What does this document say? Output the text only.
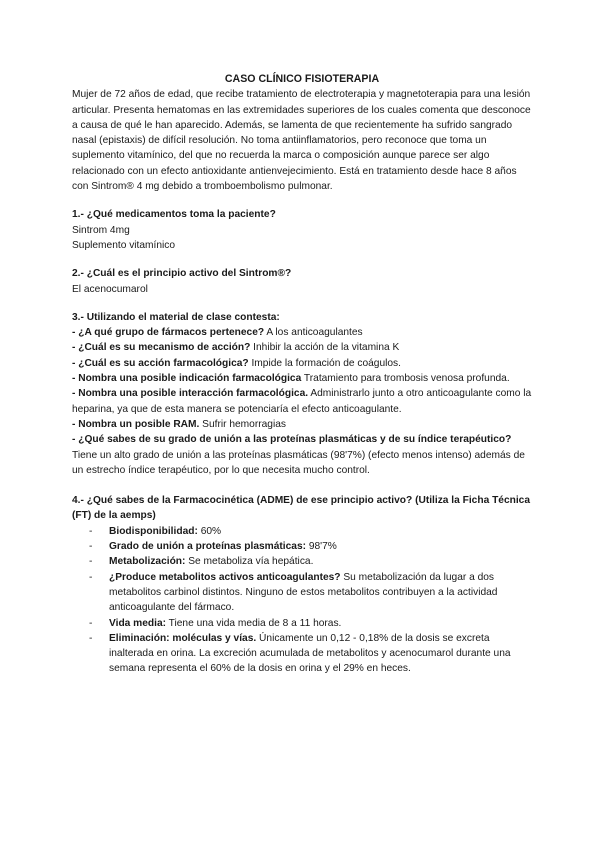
CASO CLÍNICO FISIOTERAPIA

Mujer de 72 años de edad, que recibe tratamiento de electroterapia y magnetoterapia para una lesión articular. Presenta hematomas en las extremidades superiores de los cuales comenta que desconoce a causa de qué le han aparecido. Además, se lamenta de que recientemente ha sufrido sangrado nasal (epistaxis) de difícil resolución. No toma antiinflamatorios, pero reconoce que toma un suplemento vitamínico, del que no recuerda la marca o composición aunque parece ser algo relacionado con un efecto antioxidante antienvejecimiento. Está en tratamiento desde hace 8 años con Sintrom® 4 mg debido a tromboembolismo pulmonar.

1.- ¿Qué medicamentos toma la paciente?

Sintrom 4mg

Suplemento vitamínico

2.- ¿Cuál es el principio activo del Sintrom®?

El acenocumarol

3.- Utilizando el material de clase contesta:

- ¿A qué grupo de fármacos pertenece? A los anticoagulantes

- ¿Cuál es su mecanismo de acción? Inhibir la acción de la vitamina K

- ¿Cuál es su acción farmacológica? Impide la formación de coágulos.

- Nombra una posible indicación farmacológica Tratamiento para trombosis venosa profunda.

- Nombra una posible interacción farmacológica. Administrarlo junto a otro anticoagulante como la heparina, ya que de esta manera se potenciaría el efecto anticoagulante.

- Nombra un posible RAM. Sufrir hemorragias

- ¿Qué sabes de su grado de unión a las proteínas plasmáticas y de su índice terapéutico? Tiene un alto grado de unión a las proteínas plasmáticas (98'7%) (efecto menos intenso) además de un estrecho índice terapéutico, por lo que necesita mucho control.

4.- ¿Qué sabes de la Farmacocinética (ADME) de ese principio activo? (Utiliza la Ficha Técnica (FT) de la aemps)

- Biodisponibilidad: 60%
- Grado de unión a proteínas plasmáticas: 98'7%
- Metabolización: Se metaboliza vía hepática.
- ¿Produce metabolitos activos anticoagulantes? Su metabolización da lugar a dos metabolitos carbinol distintos. Ninguno de estos metabolitos contribuyen a la actividad anticoagulante del fármaco.
- Vida media: Tiene una vida media de 8 a 11 horas.
- Eliminación: moléculas y vías. Únicamente un 0,12 - 0,18% de la dosis se excreta inalterada en orina. La excreción acumulada de metabolitos y acenocumarol durante una semana representa el 60% de la dosis en orina y el 29% en heces.
